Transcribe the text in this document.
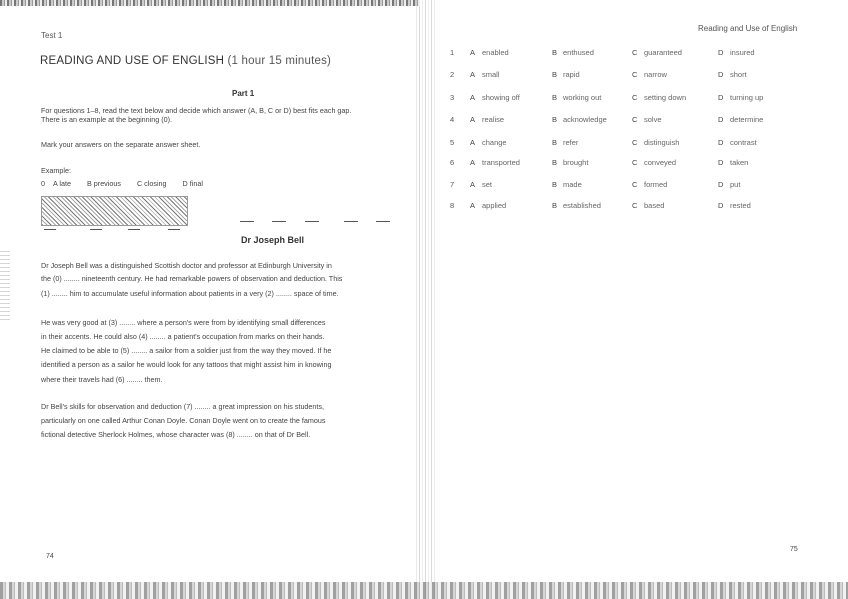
Test 1

READING AND USE OF ENGLISH (1 hour 15 minutes)

Part 1

For questions 1–8, read the text below and decide which answer (A, B, C or D) best fits each gap.

There is an example at the beginning (0).

Mark your answers on the separate answer sheet.

Example:

0 A late B previous C closing D final

Dr Joseph Bell

Dr Joseph Bell was a distinguished Scottish doctor and professor at Edinburgh University in

the (0) ........ nineteenth century. He had remarkable powers of observation and deduction. This

(1) ........ him to accumulate useful information about patients in a very (2) ........ space of time.

He was very good at (3) ........ where a person's were from by identifying small differences

in their accents. He could also (4) ........ a patient's occupation from marks on their hands.

He claimed to be able to (5) ........ a sailor from a soldier just from the way they moved. If he

identified a person as a sailor he would look for any tattoos that might assist him in knowing

where their travels had (6) ........ them.

Dr Bell's skills for observation and deduction (7) ........ a great impression on his students,

particularly on one called Arthur Conan Doyle. Conan Doyle went on to create the famous

fictional detective Sherlock Holmes, whose character was (8) ........ on that of Dr Bell.

74

Reading and Use of English

1 A enabled	B enthused	C guaranteed	D insured

2 A small	B rapid	C narrow	D short

3 A showing off	B working out	C setting down	D turning up

4 A realise	B acknowledge	C solve	D determine

5 A change	B refer	C distinguish	D contrast

6 A transported	B brought	C conveyed	D taken

7 A set	B made	C formed	D put

8 A applied	B established	C based	D rested

75
